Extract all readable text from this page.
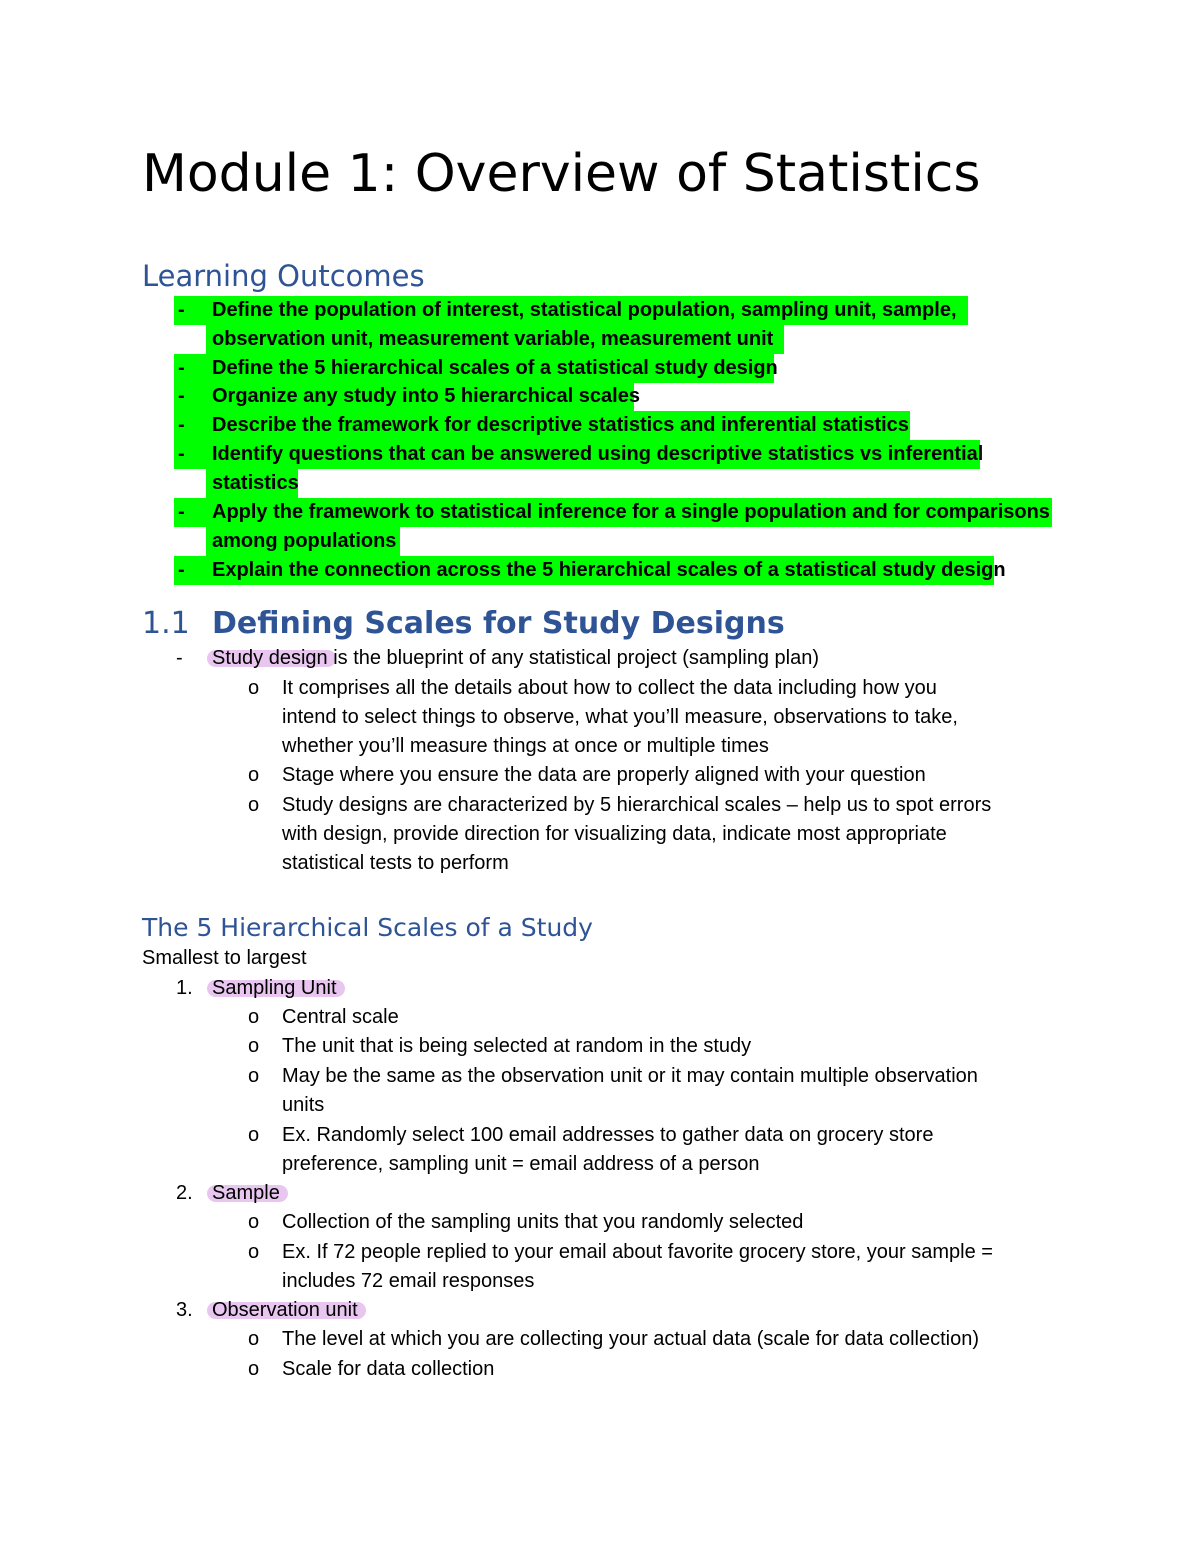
Module 1: Overview of Statistics
Learning Outcomes
- Define the population of interest, statistical population, sampling unit, sample,
observation unit, measurement variable, measurement unit
- Define the 5 hierarchical scales of a statistical study design
- Organize any study into 5 hierarchical scales
- Describe the framework for descriptive statistics and inferential statistics
- Identify questions that can be answered using descriptive statistics vs inferential
statistics
- Apply the framework to statistical inference for a single population and for comparisons
among populations
- Explain the connection across the 5 hierarchical scales of a statistical study design
1.1 Defining Scales for Study Designs
- Study design is the blueprint of any statistical project (sampling plan)
o It comprises all the details about how to collect the data including how you
intend to select things to observe, what you’ll measure, observations to take,
whether you’ll measure things at once or multiple times
o Stage where you ensure the data are properly aligned with your question
o Study designs are characterized by 5 hierarchical scales – help us to spot errors
with design, provide direction for visualizing data, indicate most appropriate
statistical tests to perform
The 5 Hierarchical Scales of a Study
Smallest to largest
1. Sampling Unit
o Central scale
o The unit that is being selected at random in the study
o May be the same as the observation unit or it may contain multiple observation
units
o Ex. Randomly select 100 email addresses to gather data on grocery store
preference, sampling unit = email address of a person
2. Sample
o Collection of the sampling units that you randomly selected
o Ex. If 72 people replied to your email about favorite grocery store, your sample =
includes 72 email responses
3. Observation unit
o The level at which you are collecting your actual data (scale for data collection)
o Scale for data collection
